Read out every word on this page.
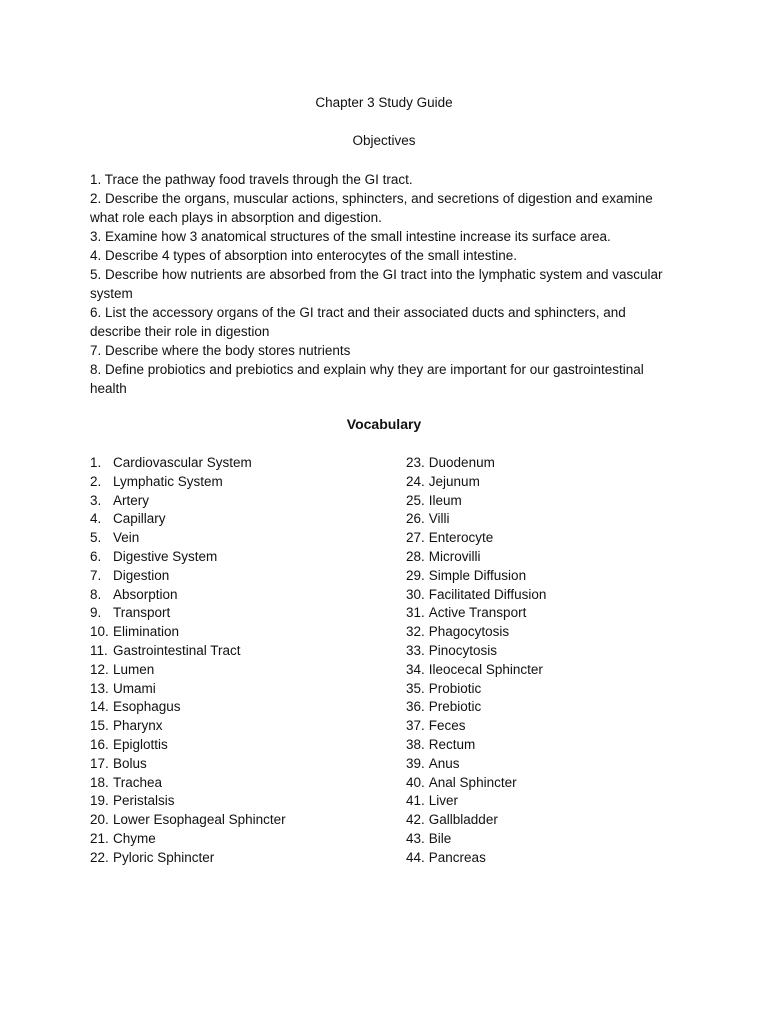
Chapter 3 Study Guide
Objectives
1. Trace the pathway food travels through the GI tract.
2. Describe the organs, muscular actions, sphincters, and secretions of digestion and examine what role each plays in absorption and digestion.
3. Examine how 3 anatomical structures of the small intestine increase its surface area.
4. Describe 4 types of absorption into enterocytes of the small intestine.
5. Describe how nutrients are absorbed from the GI tract into the lymphatic system and vascular system
6. List the accessory organs of the GI tract and their associated ducts and sphincters, and describe their role in digestion
7. Describe where the body stores nutrients
8. Define probiotics and prebiotics and explain why they are important for our gastrointestinal health
Vocabulary
1. Cardiovascular System
2. Lymphatic System
3. Artery
4. Capillary
5. Vein
6. Digestive System
7. Digestion
8. Absorption
9. Transport
10. Elimination
11. Gastrointestinal Tract
12. Lumen
13. Umami
14. Esophagus
15. Pharynx
16. Epiglottis
17. Bolus
18. Trachea
19. Peristalsis
20. Lower Esophageal Sphincter
21. Chyme
22. Pyloric Sphincter
23. Duodenum
24. Jejunum
25. Ileum
26. Villi
27. Enterocyte
28. Microvilli
29. Simple Diffusion
30. Facilitated Diffusion
31. Active Transport
32. Phagocytosis
33. Pinocytosis
34. Ileocecal Sphincter
35. Probiotic
36. Prebiotic
37. Feces
38. Rectum
39. Anus
40. Anal Sphincter
41. Liver
42. Gallbladder
43. Bile
44. Pancreas
